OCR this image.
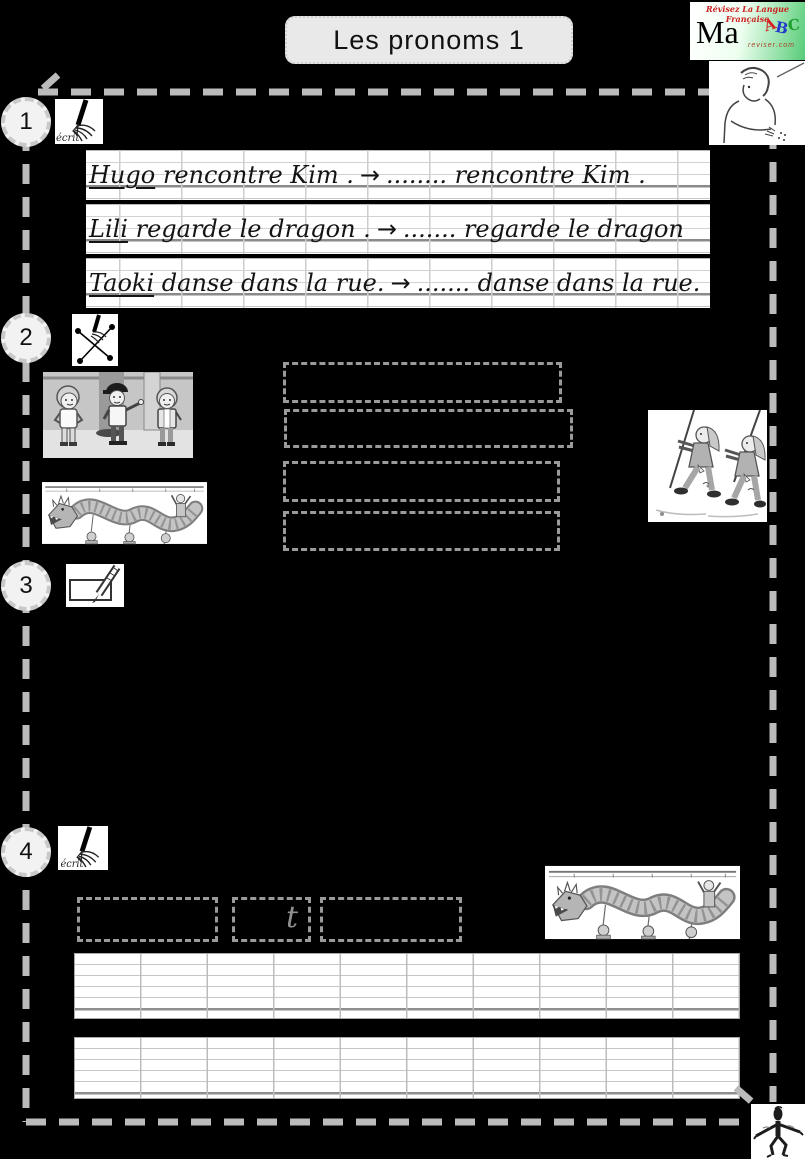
Les pronoms 1
Révisez La Langue Française
Ma ABC
reviser.com
1
écrit
Hugo rencontre Kim . → ........ rencontre Kim .
Lili regarde le dragon . → ....... regarde le dragon
Taoki danse dans la rue. → ....... danse dans la rue.
2
3
4	écrit
t
